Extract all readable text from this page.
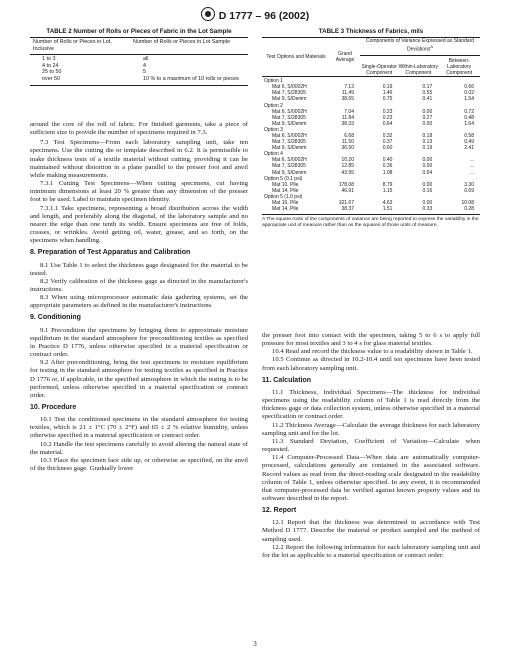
D 1777 – 96 (2002)
TABLE 2 Number of Rolls or Pieces of Fabric in the Lot Sample
Number of Rolls or Pieces in Lot, Inclusive	Number of Rolls or Pieces in Lot Sample

1 to 3	all
4 to 24	4
25 to 50	5
over 50	10 % to a maximum of 10 rolls or pieces

around the core of the roll of fabric. For finished garments, take a piece of sufficient size to provide the number of specimens required in 7.3.

7.3 Test Specimens—From each laboratory sampling unit, take ten specimens. Use the cutting die or template described in 6.2. It is permissible to make thickness tests of a textile material without cutting, providing it can be maintained without distortion in a plane parallel to the presser foot and anvil while making measurements.

7.3.1 Cutting Test Specimens—When cutting specimens, cut having minimum dimensions at least 20 % greater than any dimension of the presser foot to be used. Label to maintain specimen identity.

7.3.1.1 Take specimens, representing a broad distribution across the width and length, and preferably along the diagonal, of the laboratory sample and no nearer the edge than one tenth its width. Ensure specimens are free of folds, creases, or wrinkles. Avoid getting oil, water, grease, and so forth, on the specimens when handling.

8. Preparation of Test Apparatus and Calibration

8.1 Use Table 1 to select the thickness gage designated for the material to be tested.

8.2 Verify calibration of the thickness gage as directed in the manufacturer's instructions.

8.3 When using microprocessor automatic data gathering systems, set the appropriate parameters as defined in the manufacturer's instructions.

9. Conditioning

9.1 Precondition the specimens by bringing them to approximate moisture equilibrium in the standard atmosphere for preconditioning textiles as specified in Practice D 1776, unless otherwise specified in a material specification or contract order.

9.2 After preconditioning, bring the test specimens to moisture equilibrium for testing in the standard atmosphere for testing textiles as specified in Practice D 1776 or, if applicable, in the specified atmosphere in which the testing is to be performed, unless otherwise specified in a material specification or contract order.

10. Procedure

10.1 Test the conditioned specimens in the standard atmosphere for testing textiles, which is 21 ± 1°C (70 ± 2°F) and 65 ± 2 % relative humidity, unless otherwise specified in a material specification or contract order.

10.2 Handle the test specimens carefully to avoid altering the natural state of the material.

10.3 Place the specimen face side up, or otherwise as specified, on the anvil of the thickness gage. Gradually lower

TABLE 3 Thickness of Fabrics, mils
Test Options and Materials	Grand Average	Components of Variance Expressed as Standard Deviations$^A$
		Single-Operator Component	Within-Laboratory Component	Between-Laboratory Component

Option 1				
Mat 6, S/0002H	7.13	0.19	0.17	0.66
Mat 7, S/28305	11.49	1.46	0.55	0.02
Mat 9, S/Denim	38.65	0.75	0.41	1.54
Option 2				
Mat 6, S/0002H	7.04	0.23	0.00	0.72
Mat 7, S/28305	11.84	0.23	0.27	0.48
Mat 9, S/Denim	38.33	0.64	0.00	1.64
Option 3				
Mat 6, S/0002H	6.68	0.32	0.18	0.58
Mat 7, S/28305	11.50	0.37	0.13	0.49
Mat 9, S/Denim	36.50	0.60	0.19	2.41
Option 4				
Mat 6, S/0002H	10.20	0.40	0.00	...
Mat 7, S/28305	12.85	0.36	0.00	...
Mat 9, S/Denim	43.95	1.08	0.54	...
Option 5 (0.1 psi)				
Mat 10, Pile	178.08	8.79	0.00	3.30
Mat 14, Pile	46.91	1.15	0.16	0.69
Option 5 (1.0 psi)				
Mat 10, Pile	101.67	4.63	0.00	10.08
Mat 14, Pile	38.37	1.51	0.33	0.28

A The square roots of the components of variance are being reported to express the variability in the appropriate unit of measure rather than as the squares of those units of measure.

the presser foot into contact with the specimen, taking 5 to 6 s to apply full pressure for most textiles and 3 to 4 s for glass material textiles.

10.4 Read and record the thickness value to a readability shown in Table 1.

10.5 Continue as directed in 10.2-10.4 until ten specimens have been tested from each laboratory sampling unit.

11. Calculation

11.1 Thickness, Individual Specimens—The thickness for individual specimens using the readability column of Table 1 is read directly from the thickness gage or data collection system, unless otherwise specified in a material specification or contract order.

11.2 Thickness Average—Calculate the average thickness for each laboratory sampling unit and for the lot.

11.3 Standard Deviation, Coefficient of Variation—Calculate when requested.

11.4 Computer-Processed Data—When data are automatically computer-processed, calculations generally are contained in the associated software. Record values as read from the direct-reading scale designated in the readability column of Table 1, unless otherwise specified. In any event, it is recommended that computer-processed data be verified against known property values and its software described in the report.

12. Report

12.1 Report that the thickness was determined in accordance with Test Method D 1777. Describe the material or product sampled and the method of sampling used.

12.2 Report the following information for each laboratory sampling unit and for the lot as applicable to a material specification or contract order:

3
